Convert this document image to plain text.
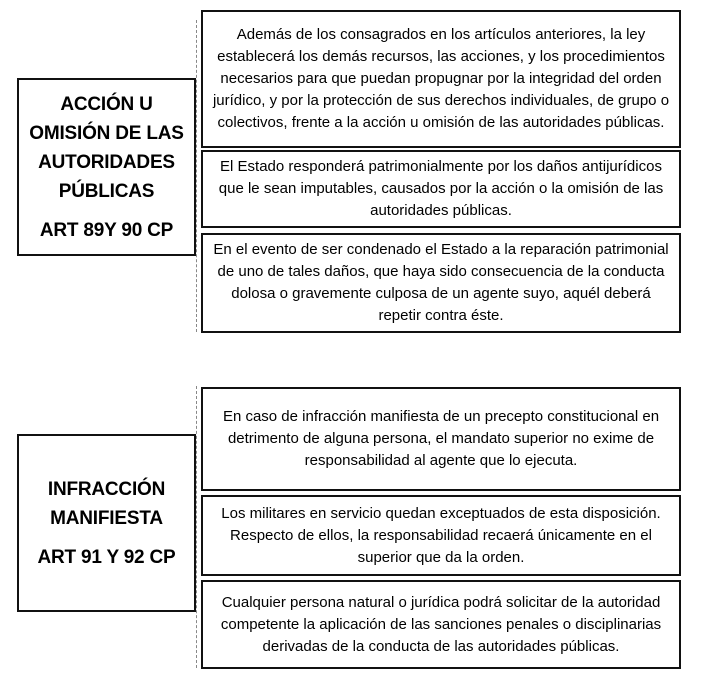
ACCIÓN U
OMISIÓN DE LAS
AUTORIDADES
PÚBLICAS
ART 89Y 90 CP
Además de los consagrados en los artículos anteriores, la ley establecerá los demás recursos, las acciones, y los procedimientos necesarios para que puedan propugnar por la integridad del orden jurídico, y por la protección de sus derechos individuales, de grupo o colectivos, frente a la acción u omisión de las autoridades públicas.
El Estado responderá patrimonialmente por los daños antijurídicos que le sean imputables, causados por la acción o la omisión de las autoridades públicas.
En el evento de ser condenado el Estado a la reparación patrimonial de uno de tales daños, que haya sido consecuencia de la conducta dolosa o gravemente culposa de un agente suyo, aquél deberá repetir contra éste.
INFRACCIÓN
MANIFIESTA
ART 91 Y 92 CP
En caso de infracción manifiesta de un precepto constitucional en detrimento de alguna persona, el mandato superior no exime de responsabilidad al agente que lo ejecuta.
Los militares en servicio quedan exceptuados de esta disposición. Respecto de ellos, la responsabilidad recaerá únicamente en el superior que da la orden.
Cualquier persona natural o jurídica podrá solicitar de la autoridad competente la aplicación de las sanciones penales o disciplinarias derivadas de la conducta de las autoridades públicas.
